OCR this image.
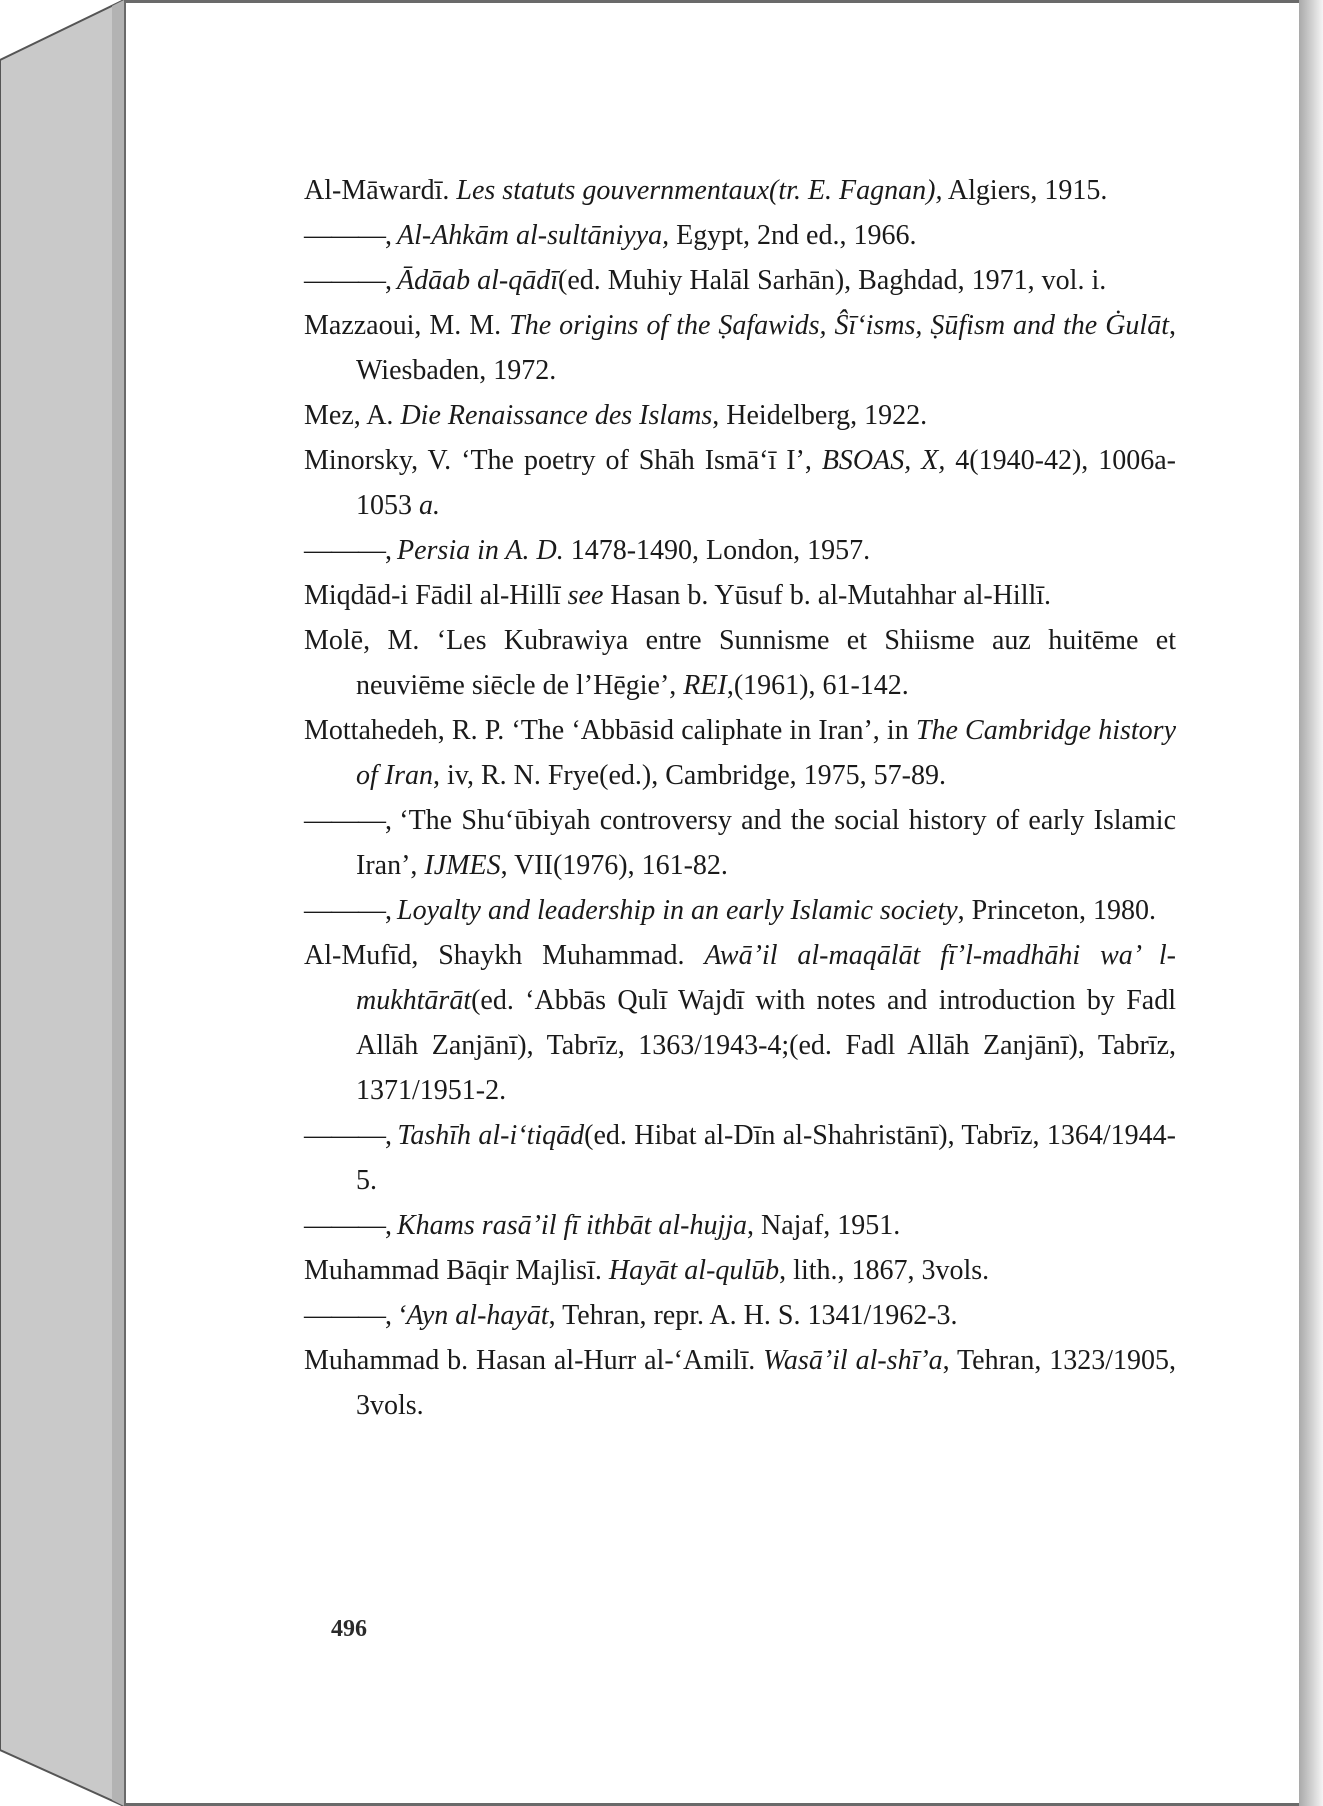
Al-Māwardī. Les statuts gouvernmentaux(tr. E. Fagnan), Algiers, 1915.
———, Al-Ahkām al-sultāniyya, Egypt, 2nd ed., 1966.
———, Ādāab al-qādī(ed. Muhiy Halāl Sarhān), Baghdad, 1971, vol. i.
Mazzaoui, M. M. The origins of the Ṣafawids, Ŝī‘isms, Ṣūfism and the Ġulāt, Wiesbaden, 1972.
Mez, A. Die Renaissance des Islams, Heidelberg, 1922.
Minorsky, V. ‘The poetry of Shāh Ismā‘ī I’, BSOAS, X, 4(1940-42), 1006a-1053 a.
———, Persia in A. D. 1478-1490, London, 1957.
Miqdād-i Fādil al-Hillī see Hasan b. Yūsuf b. al-Mutahhar al-Hillī.
Molē, M. ‘Les Kubrawiya entre Sunnisme et Shiisme auz huitēme et neuviēme siēcle de l’Hēgie’, REI,(1961), 61-142.
Mottahedeh, R. P. ‘The ‘Abbāsid caliphate in Iran’, in The Cambridge history of Iran, iv, R. N. Frye(ed.), Cambridge, 1975, 57-89.
———, ‘The Shu‘ūbiyah controversy and the social history of early Islamic Iran’, IJMES, VII(1976), 161-82.
———, Loyalty and leadership in an early Islamic society, Princeton, 1980.
Al-Mufīd, Shaykh Muhammad. Awā’il al-maqālāt fī’l-madhāhi wa’ l-mukhtārāt(ed. ‘Abbās Qulī Wajdī with notes and introduction by Fadl Allāh Zanjānī), Tabrīz, 1363/1943-4;(ed. Fadl Allāh Zanjānī), Tabrīz, 1371/1951-2.
———, Tashīh al-i‘tiqād(ed. Hibat al-Dīn al-Shahristānī), Tabrīz, 1364/1944-5.
———, Khams rasā’il fī ithbāt al-hujja, Najaf, 1951.
Muhammad Bāqir Majlisī. Hayāt al-qulūb, lith., 1867, 3vols.
———, ‘Ayn al-hayāt, Tehran, repr. A. H. S. 1341/1962-3.
Muhammad b. Hasan al-Hurr al-‘Amilī. Wasā’il al-shī’a, Tehran, 1323/1905, 3vols.
496
